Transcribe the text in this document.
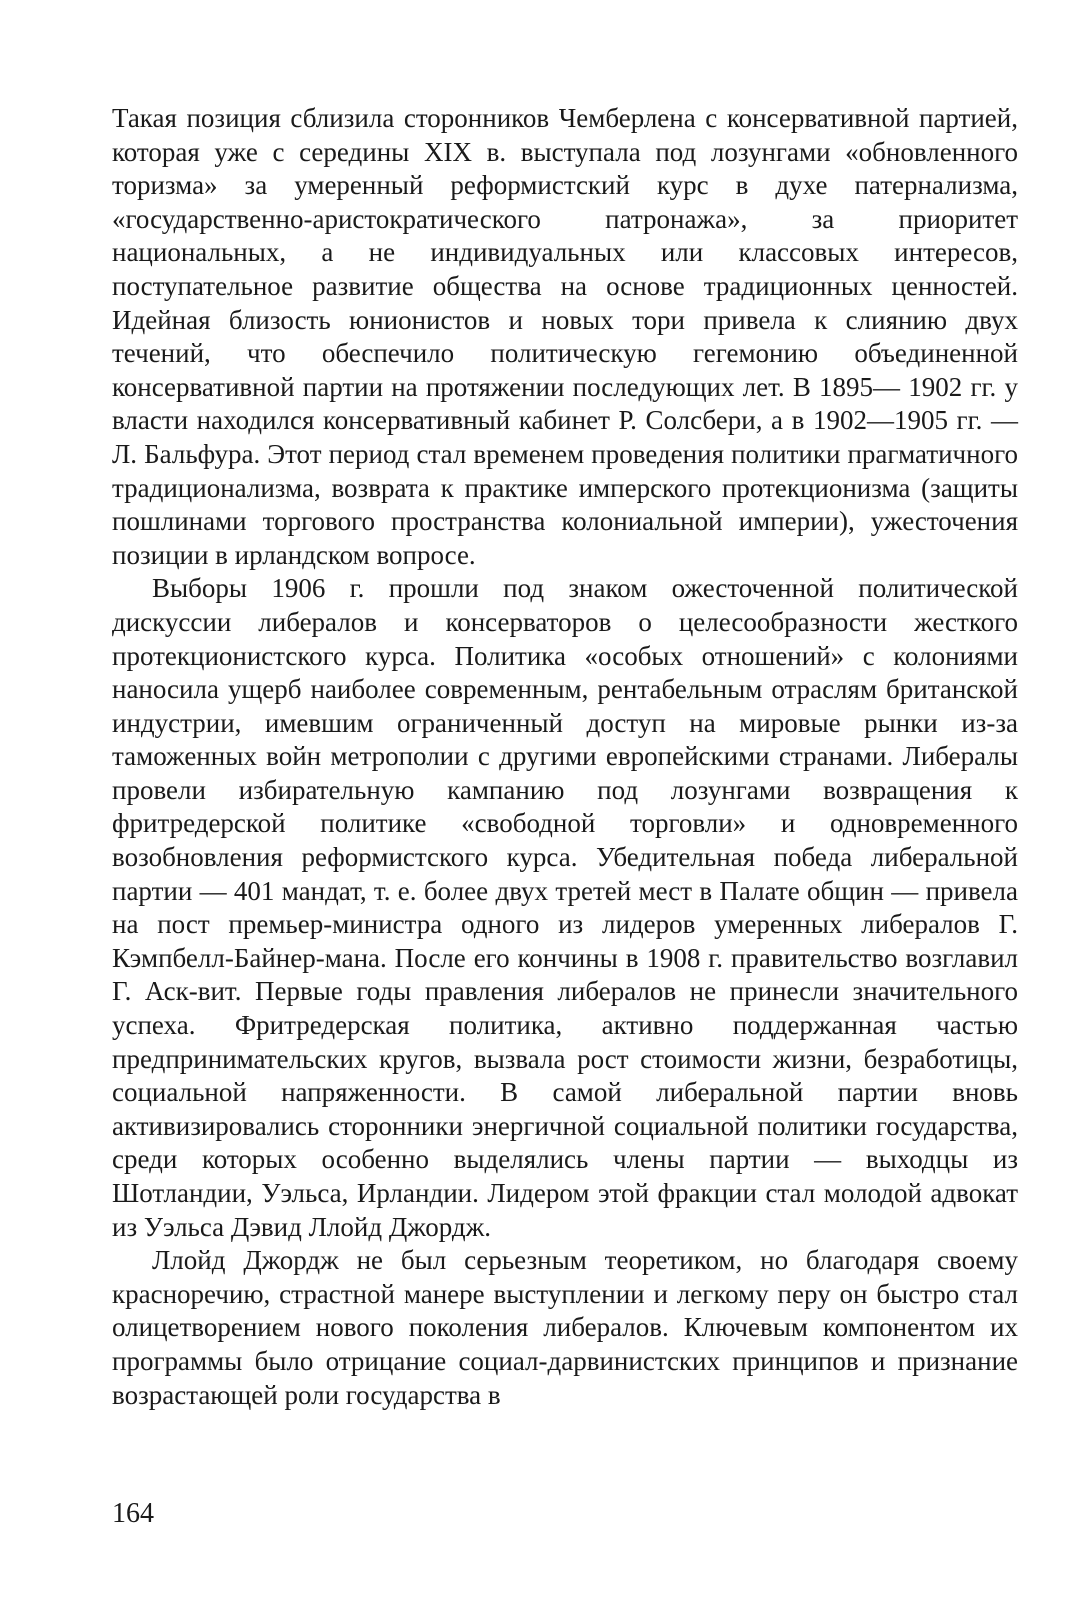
Такая позиция сблизила сторонников Чемберлена с консервативной партией, которая уже с середины XIX в. выступала под лозунгами «обновленного торизма» за умеренный реформистский курс в духе патернализма, «государственно-аристократического патронажа», за приоритет национальных, а не индивидуальных или классовых интересов, поступательное развитие общества на основе традиционных ценностей. Идейная близость юнионистов и новых тори привела к слиянию двух течений, что обеспечило политическую гегемонию объединенной консервативной партии на протяжении последующих лет. В 1895— 1902 гг. у власти находился консервативный кабинет Р. Солсбери, а в 1902—1905 гг. — Л. Бальфура. Этот период стал временем проведения политики прагматичного традиционализма, возврата к практике имперского протекционизма (защиты пошлинами торгового пространства колониальной империи), ужесточения позиции в ирландском вопросе.

Выборы 1906 г. прошли под знаком ожесточенной политической дискуссии либералов и консерваторов о целесообразности жесткого протекционистского курса. Политика «особых отношений» с колониями наносила ущерб наиболее современным, рентабельным отраслям британской индустрии, имевшим ограниченный доступ на мировые рынки из-за таможенных войн метрополии с другими европейскими странами. Либералы провели избирательную кампанию под лозунгами возвращения к фритредерской политике «свободной торговли» и одновременного возобновления реформистского курса. Убедительная победа либеральной партии — 401 мандат, т. е. более двух третей мест в Палате общин — привела на пост премьер-министра одного из лидеров умеренных либералов Г. Кэмпбелл-Байнер-мана. После его кончины в 1908 г. правительство возглавил Г. Аск-вит. Первые годы правления либералов не принесли значительного успеха. Фритредерская политика, активно поддержанная частью предпринимательских кругов, вызвала рост стоимости жизни, безработицы, социальной напряженности. В самой либеральной партии вновь активизировались сторонники энергичной социальной политики государства, среди которых особенно выделялись члены партии — выходцы из Шотландии, Уэльса, Ирландии. Лидером этой фракции стал молодой адвокат из Уэльса Дэвид Ллойд Джордж.

Ллойд Джордж не был серьезным теоретиком, но благодаря своему красноречию, страстной манере выступлении и легкому перу он быстро стал олицетворением нового поколения либералов. Ключевым компонентом их программы было отрицание социал-дарвинистских принципов и признание возрастающей роли государства в

164
